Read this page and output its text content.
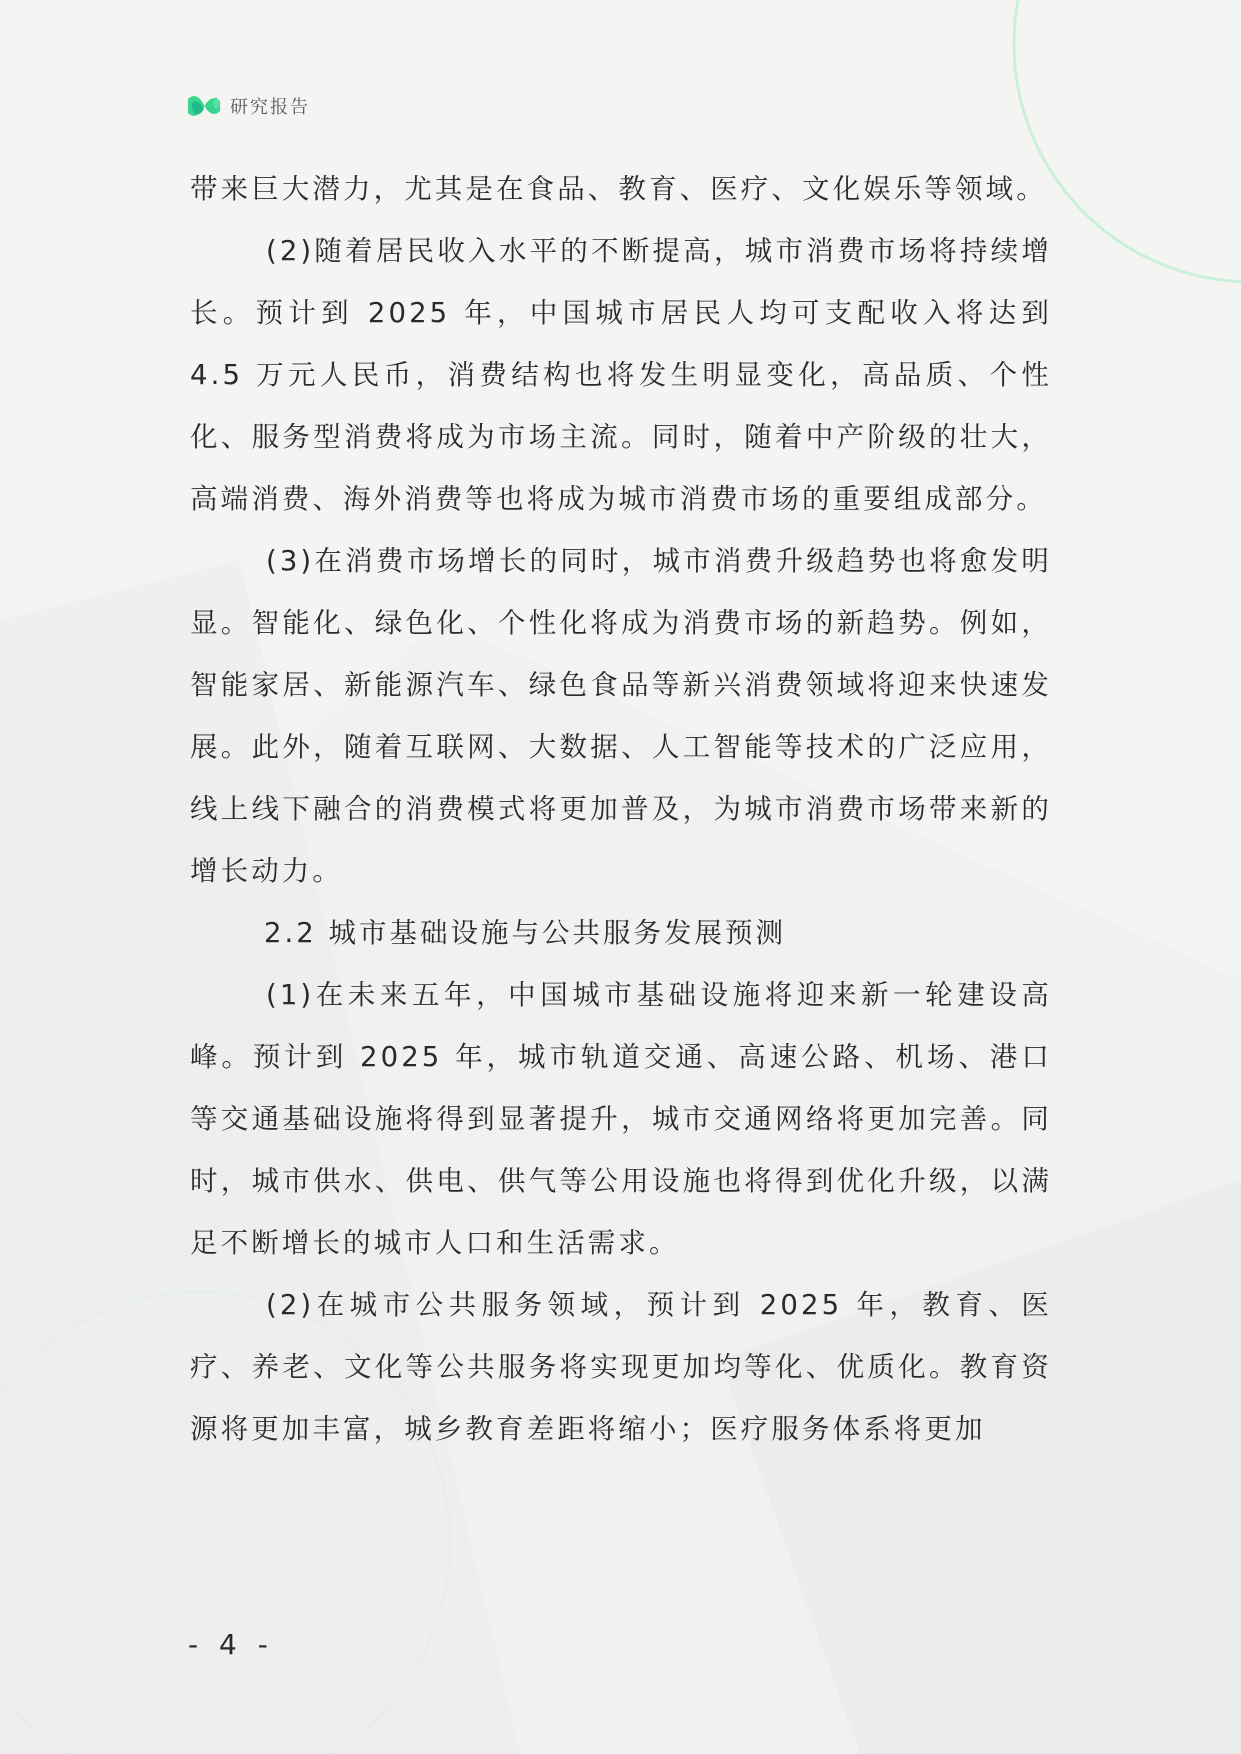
研究报告

带来巨大潜力，尤其是在食品、教育、医疗、文化娱乐等领域。

(2)随着居民收入水平的不断提高，城市消费市场将持续增长。预计到 2025 年，中国城市居民人均可支配收入将达到 4.5 万元人民币，消费结构也将发生明显变化，高品质、个性化、服务型消费将成为市场主流。同时，随着中产阶级的壮大，高端消费、海外消费等也将成为城市消费市场的重要组成部分。

(3)在消费市场增长的同时，城市消费升级趋势也将愈发明显。智能化、绿色化、个性化将成为消费市场的新趋势。例如，智能家居、新能源汽车、绿色食品等新兴消费领域将迎来快速发展。此外，随着互联网、大数据、人工智能等技术的广泛应用，线上线下融合的消费模式将更加普及，为城市消费市场带来新的增长动力。

2.2 城市基础设施与公共服务发展预测

(1)在未来五年，中国城市基础设施将迎来新一轮建设高峰。预计到 2025 年，城市轨道交通、高速公路、机场、港口等交通基础设施将得到显著提升，城市交通网络将更加完善。同时，城市供水、供电、供气等公用设施也将得到优化升级，以满足不断增长的城市人口和生活需求。

(2)在城市公共服务领域，预计到 2025 年，教育、医疗、养老、文化等公共服务将实现更加均等化、优质化。教育资源将更加丰富，城乡教育差距将缩小；医疗服务体系将更加

- 4 -
